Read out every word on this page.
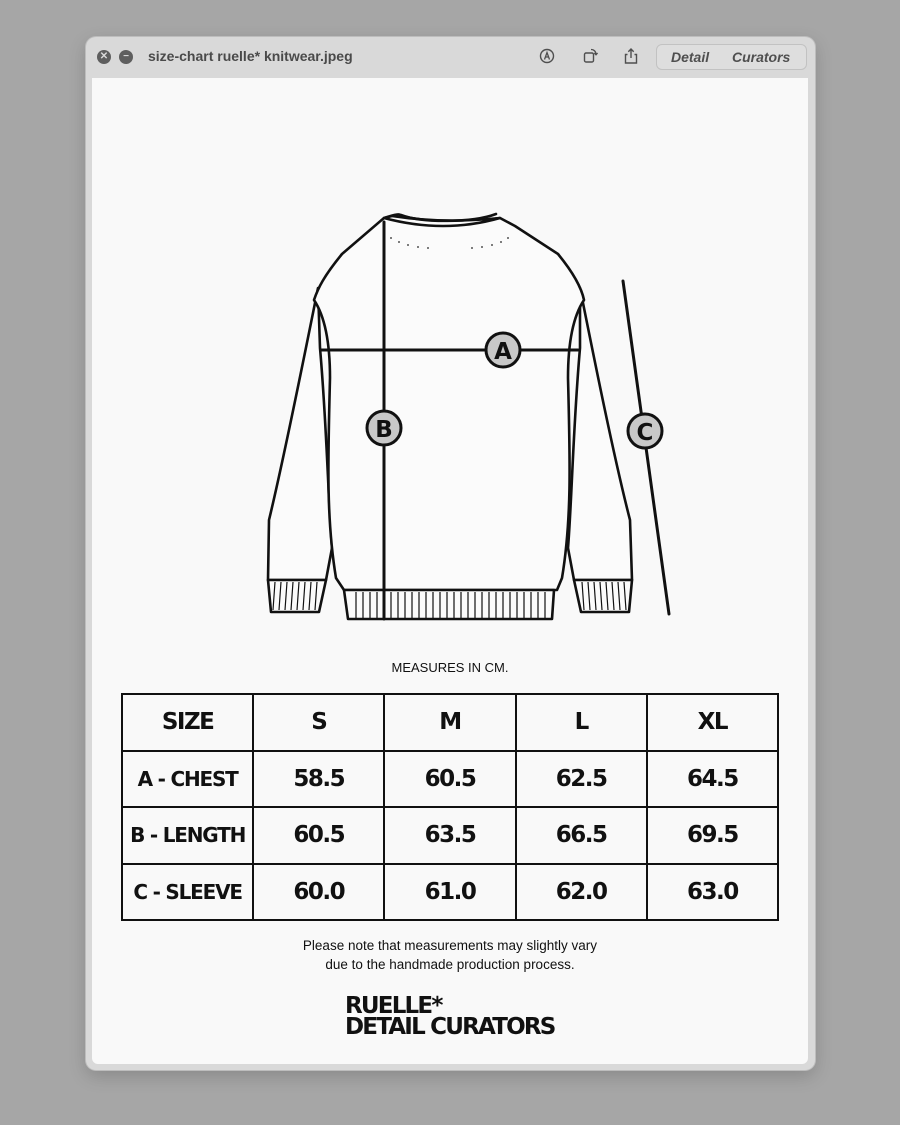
✕	− size-chart ruelle* knitwear.jpeg	Detail Curators
A
B	C
MEASURES IN CM.
SIZE	S	M	L	XL
A - CHEST	58.5	60.5	62.5	64.5
B - LENGTH	60.5	63.5	66.5	69.5
C - SLEEVE	60.0	61.0	62.0	63.0
Please note that measurements may slightly vary
due to the handmade production process.
RUELLE*
DETAIL CURATORS
